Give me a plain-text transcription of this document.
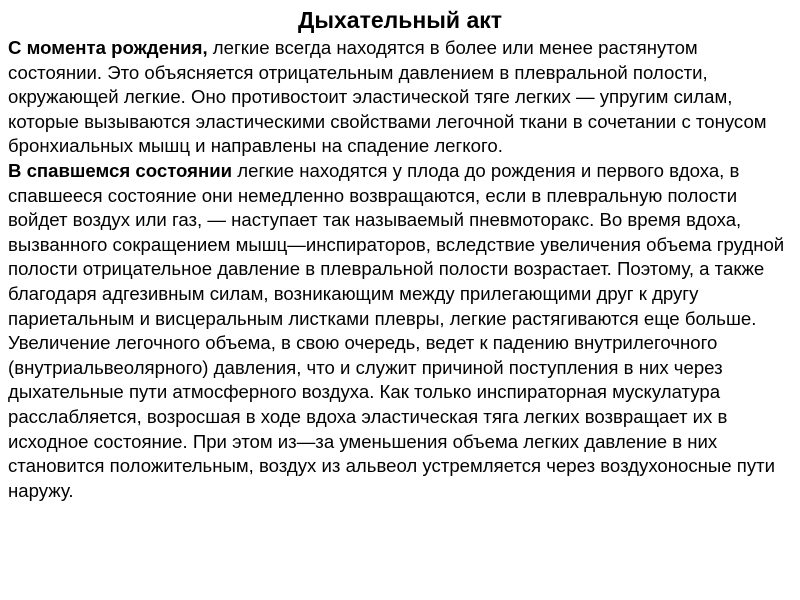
Дыхательный акт

С момента рождения, легкие всегда находятся в более или менее растянутом состоянии. Это объясняется отрицательным давлением в плевральной полости, окружающей легкие. Оно противостоит эластической тяге легких — упругим силам, которые вызываются эластическими свойствами легочной ткани в сочетании с тонусом бронхиальных мышц и направлены на спадение легкого.

В спавшемся состоянии легкие находятся у плода до рождения и первого вдоха, в спавшееся состояние они немедленно возвращаются, если в плевральную полости войдет воздух или газ, — наступает так называемый пневмоторакс. Во время вдоха, вызванного сокращением мышц—инспираторов, вследствие увеличения объема грудной полости отрицательное давление в плевральной полости возрастает. Поэтому, а также благодаря адгезивным силам, возникающим между прилегающими друг к другу париетальным и висцеральным листками плевры, легкие растягиваются еще больше.

Увеличение легочного объема, в свою очередь, ведет к падению внутрилегочного (внутриальвеолярного) давления, что и служит причиной поступления в них через дыхательные пути атмосферного воздуха. Как только инспираторная мускулатура расслабляется, возросшая в ходе вдоха эластическая тяга легких возвращает их в исходное состояние. При этом из—за уменьшения объема легких давление в них становится положительным, воздух из альвеол устремляется через воздухоносные пути наружу.
